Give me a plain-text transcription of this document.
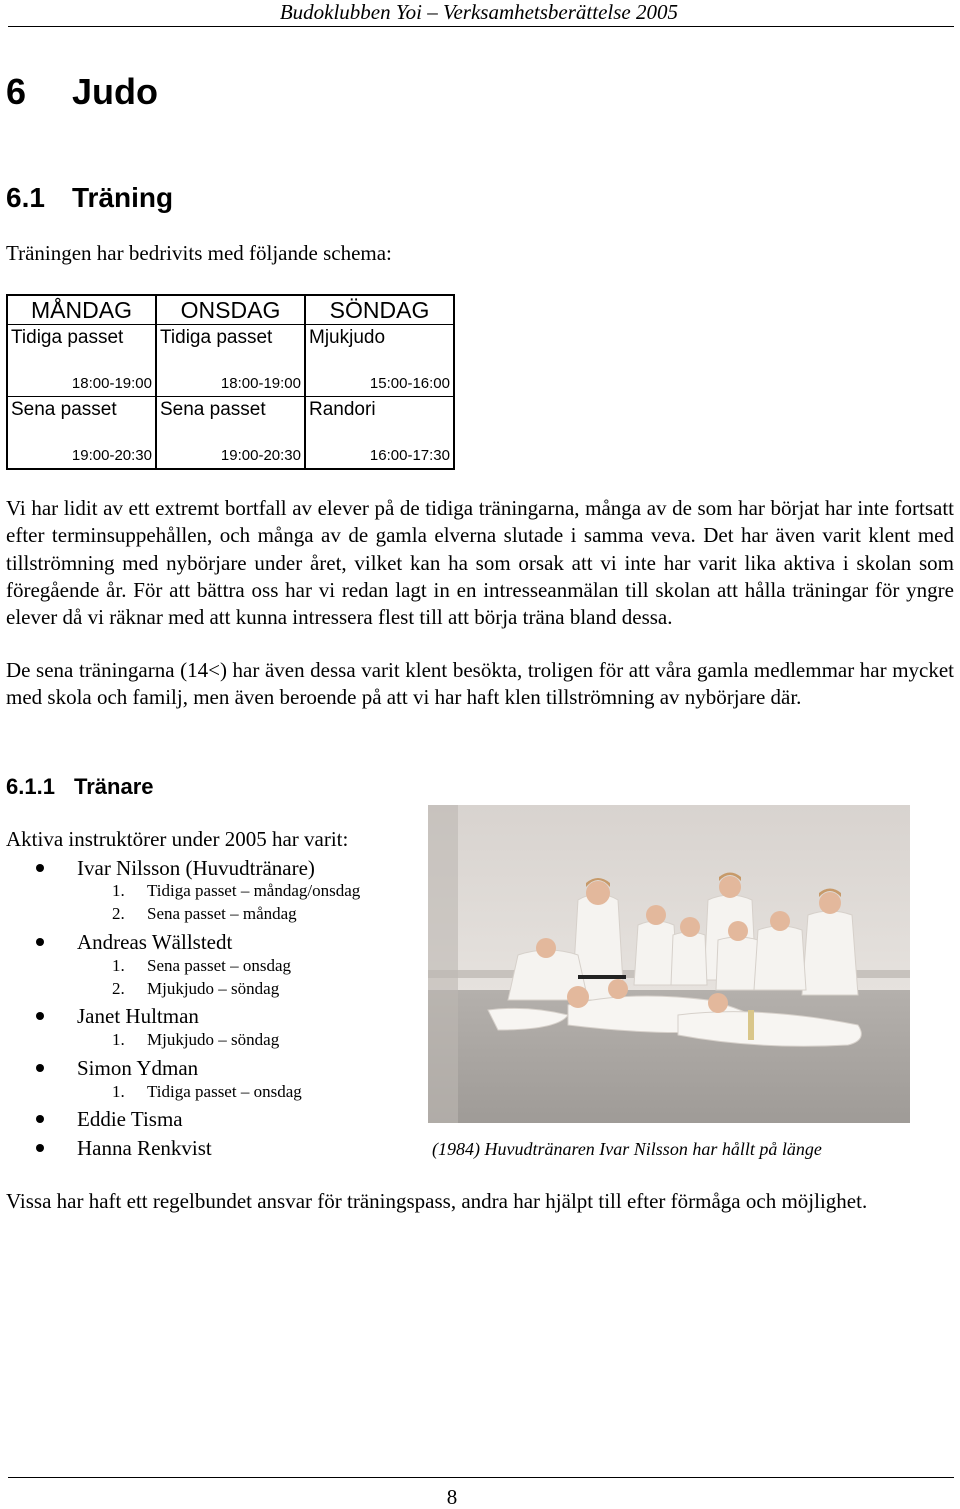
Budoklubben Yoi – Verksamhetsberättelse 2005
6 Judo
6.1 Träning
Träningen har bedrivits med följande schema:
MÅNDAG	ONSDAG	SÖNDAG
Tidiga passet	Tidiga passet	Mjukjudo
18:00-19:00	18:00-19:00	15:00-16:00
Sena passet	Sena passet	Randori
19:00-20:30	19:00-20:30	16:00-17:30
Vi har lidit av ett extremt bortfall av elever på de tidiga träningarna, många av de som har börjat har inte fortsatt efter terminsuppehållen, och många av de gamla elverna slutade i samma veva. Det har även varit klent med tillströmning med nybörjare under året, vilket kan ha som orsak att vi inte har varit lika aktiva i skolan som föregående år. För att bättra oss har vi redan lagt in en intresseanmälan till skolan att hålla träningar för yngre elever då vi räknar med att kunna intressera flest till att börja träna bland dessa.
De sena träningarna (14<) har även dessa varit klent besökta, troligen för att våra gamla medlemmar har mycket med skola och familj, men även beroende på att vi har haft klen tillströmning av nybörjare där.
6.1.1 Tränare
Aktiva instruktörer under 2005 har varit:
Ivar Nilsson (Huvudtränare)
1. Tidiga passet – måndag/onsdag
2. Sena passet – måndag
Andreas Wällstedt
1. Sena passet – onsdag
2. Mjukjudo – söndag
Janet Hultman
1. Mjukjudo – söndag
Simon Ydman
1. Tidiga passet – onsdag
Eddie Tisma
Hanna Renkvist	(1984) Huvudtränaren Ivar Nilsson har hållt på länge
Vissa har haft ett regelbundet ansvar för träningspass, andra har hjälpt till efter förmåga och möjlighet.
8
